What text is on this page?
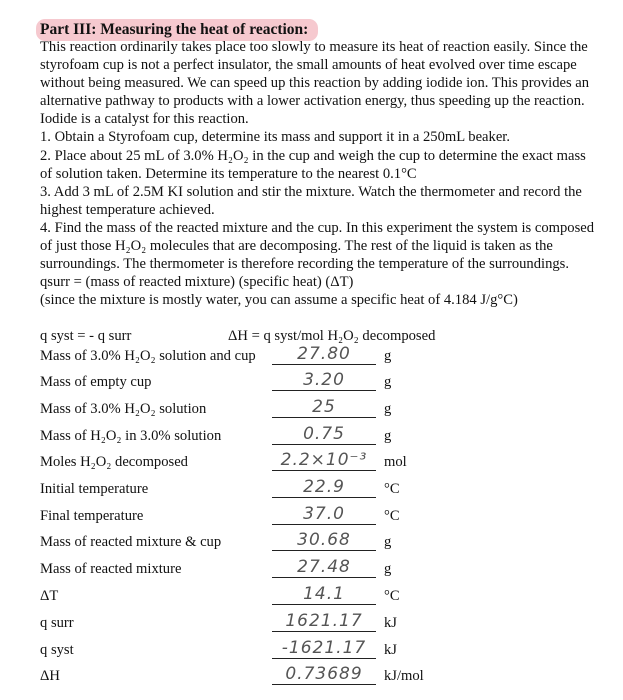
Part III: Measuring the heat of reaction:

This reaction ordinarily takes place too slowly to measure its heat of reaction easily. Since the styrofoam cup is not a perfect insulator, the small amounts of heat evolved over time escape without being measured. We can speed up this reaction by adding iodide ion. This provides an alternative pathway to products with a lower activation energy, thus speeding up the reaction. Iodide is a catalyst for this reaction.

1. Obtain a Styrofoam cup, determine its mass and support it in a 250mL beaker.

2. Place about 25 mL of 3.0% H₂O₂ in the cup and weigh the cup to determine the exact mass of solution taken. Determine its temperature to the nearest 0.1°C

3. Add 3 mL of 2.5M KI solution and stir the mixture. Watch the thermometer and record the highest temperature achieved.

4. Find the mass of the reacted mixture and the cup. In this experiment the system is composed of just those H₂O₂ molecules that are decomposing. The rest of the liquid is taken as the surroundings. The thermometer is therefore recording the temperature of the surroundings.

qsurr = (mass of reacted mixture) (specific heat) (ΔT)

(since the mixture is mostly water, you can assume a specific heat of 4.184 J/g°C)

q syst = - q surr	ΔH = q syst/mol H₂O₂ decomposed
Mass of 3.0% H₂O₂ solution and cup	27.80	g
Mass of empty cup	3.20	g
Mass of 3.0% H₂O₂ solution	25	g
Mass of H₂O₂ in 3.0% solution	0.75	g
Moles H₂O₂ decomposed	2.2×10⁻³	mol
Initial temperature	22.9	°C
Final temperature	37.0	°C
Mass of reacted mixture & cup	30.68	g
Mass of reacted mixture	27.48	g
ΔT	14.1	°C
q surr	1621.17	kJ
q syst	-1621.17	kJ
ΔH	0.73689	kJ/mol
